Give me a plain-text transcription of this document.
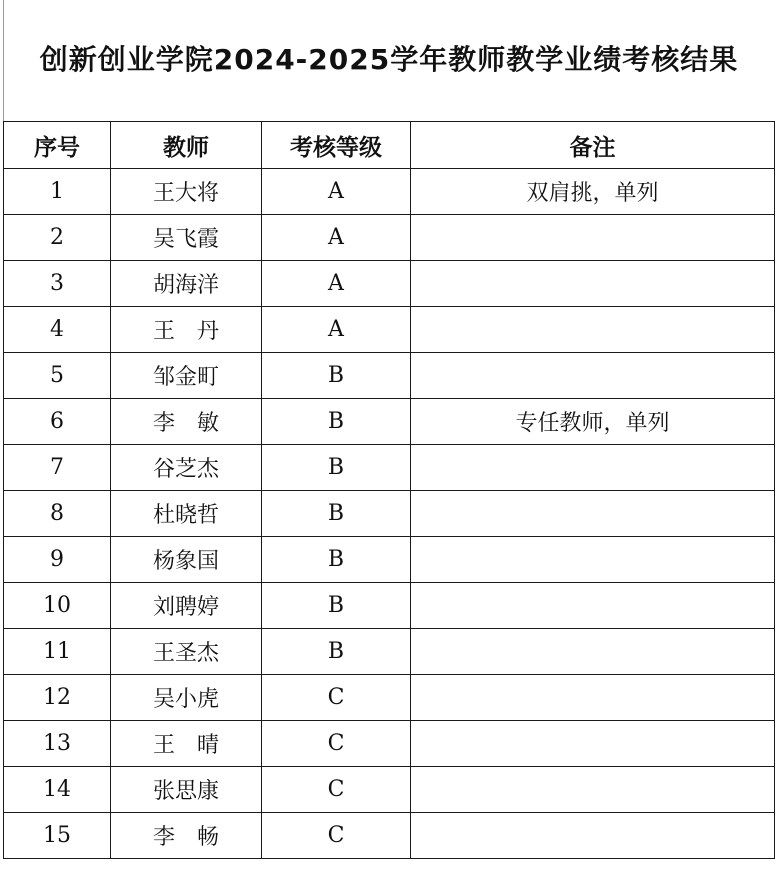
创新创业学院2024-2025学年教师教学业绩考核结果
序号	教师	考核等级	备注
1	王大将	A	双肩挑，单列
2	吴飞霞	A	
3	胡海洋	A	
4	王　丹	A	
5	邹金町	B	
6	李　敏	B	专任教师，单列
7	谷芝杰	B	
8	杜晓哲	B	
9	杨象国	B	
10	刘聘婷	B	
11	王圣杰	B	
12	吴小虎	C	
13	王　晴	C	
14	张思康	C	
15	李　畅	C	
